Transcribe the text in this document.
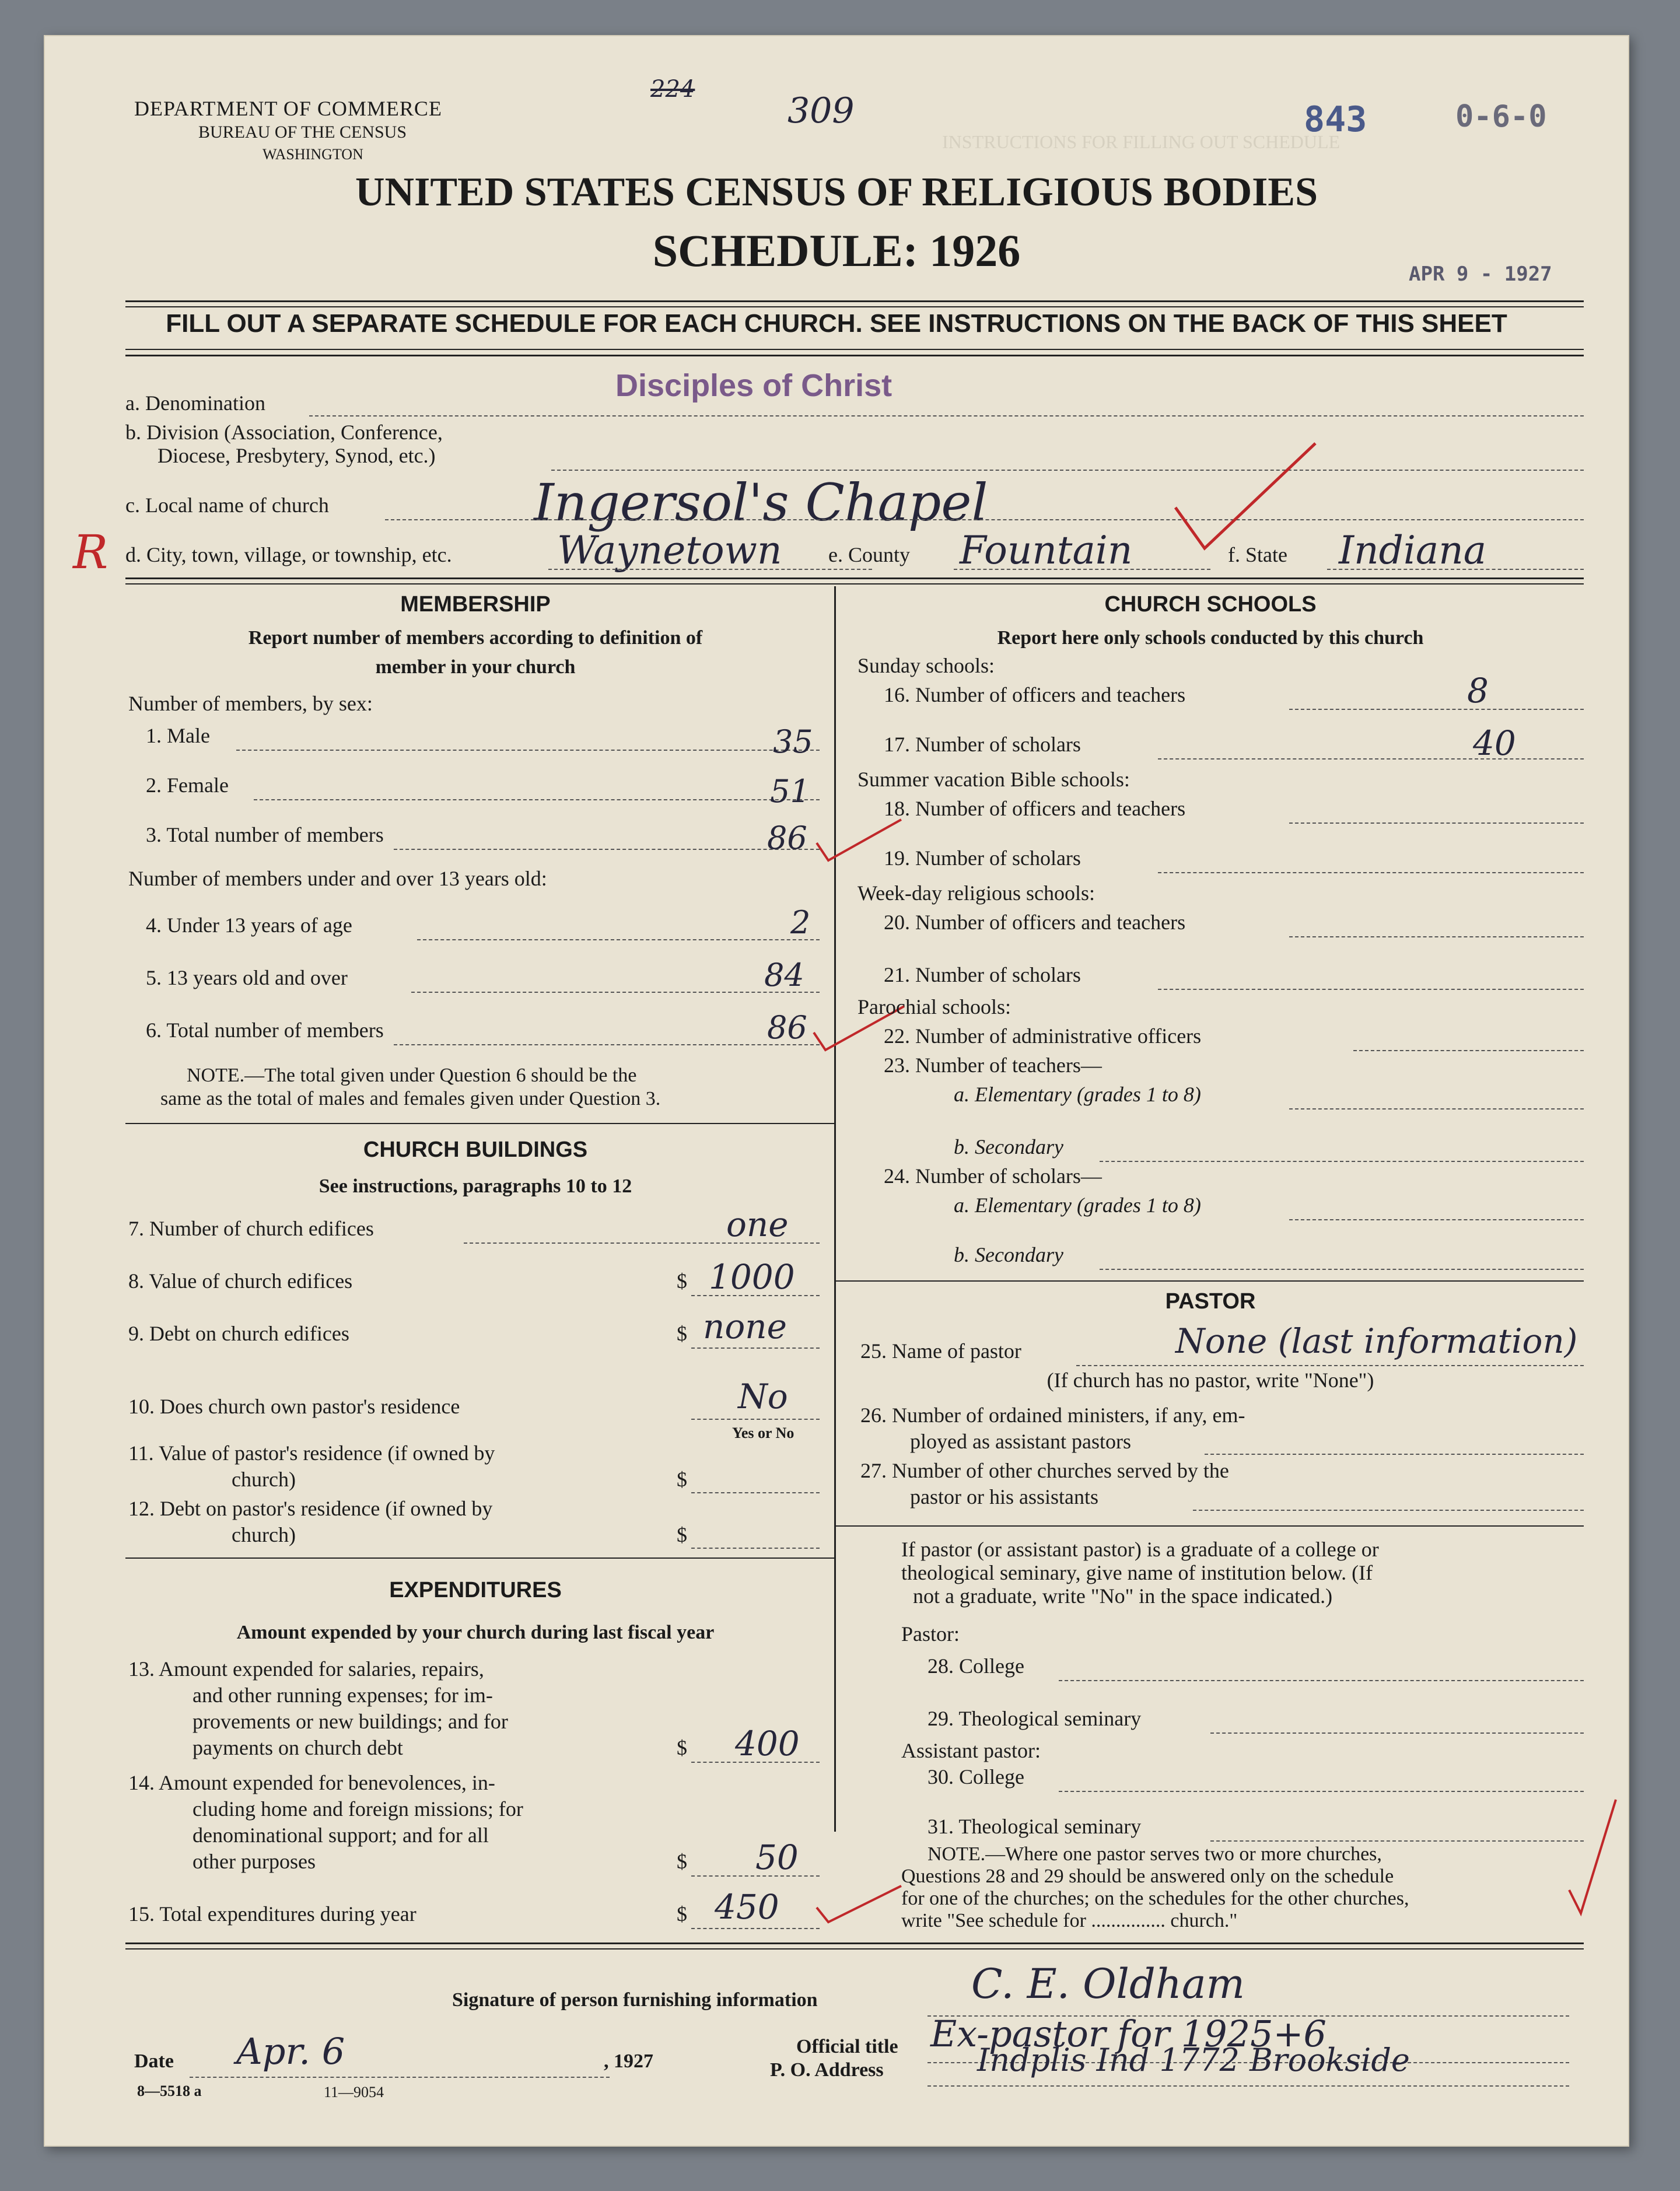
INSTRUCTIONS FOR FILLING OUT SCHEDULE
DEPARTMENT OF COMMERCE
BUREAU OF THE CENSUS
WASHINGTON
224
309	843	0-6-0
APR 9 - 1927
UNITED STATES CENSUS OF RELIGIOUS BODIES
SCHEDULE: 1926
FILL OUT A SEPARATE SCHEDULE FOR EACH CHURCH. SEE INSTRUCTIONS ON THE BACK OF THIS SHEET
a. Denomination	Disciples of Christ
b. Division (Association, Conference,
Diocese, Presbytery, Synod, etc.)
c. Local name of church	Ingersol's Chapel
R d. City, town, village, or township, etc.	Waynetown e. County Fountain	f. State Indiana
MEMBERSHIP
Report number of members according to definition of
member in your church
Number of members, by sex:
1. Male	35
2. Female	51
3. Total number of members	86
Number of members under and over 13 years old:
4. Under 13 years of age	2
5. 13 years old and over	84
6. Total number of members	86
NOTE.—The total given under Question 6 should be the
same as the total of males and females given under Question 3.
CHURCH BUILDINGS
See instructions, paragraphs 10 to 12
7. Number of church edifices	one
8. Value of church edifices	$ 1000
9. Debt on church edifices	$ none
10. Does church own pastor's residence	No
Yes or No
11. Value of pastor's residence (if owned by
church)	$
12. Debt on pastor's residence (if owned by
church)	$
EXPENDITURES
Amount expended by your church during last fiscal year
13. Amount expended for salaries, repairs,
and other running expenses; for im-
provements or new buildings; and for
payments on church debt	$ 400
14. Amount expended for benevolences, in-
cluding home and foreign missions; for
denominational support; and for all
other purposes	$ 50
15. Total expenditures during year	$ 450
CHURCH SCHOOLS
Report here only schools conducted by this church
Sunday schools:
16. Number of officers and teachers	8
17. Number of scholars	40
Summer vacation Bible schools:
18. Number of officers and teachers
19. Number of scholars
Week-day religious schools:
20. Number of officers and teachers
21. Number of scholars
Parochial schools:
22. Number of administrative officers
23. Number of teachers—
a. Elementary (grades 1 to 8)
b. Secondary
24. Number of scholars—
a. Elementary (grades 1 to 8)
b. Secondary
PASTOR
25. Name of pastor	None (last information)
(If church has no pastor, write "None")
26. Number of ordained ministers, if any, em-
ployed as assistant pastors
27. Number of other churches served by the
pastor or his assistants
If pastor (or assistant pastor) is a graduate of a college or
theological seminary, give name of institution below. (If
not a graduate, write "No" in the space indicated.)
Pastor:
28. College
29. Theological seminary
Assistant pastor:
30. College
31. Theological seminary
NOTE.—Where one pastor serves two or more churches,
Questions 28 and 29 should be answered only on the schedule
for one of the churches; on the schedules for the other churches,
write "See schedule for ............... church."
Signature of person furnishing information	C. E. Oldham
Official title Ex-pastor for 1925+6
Date Apr. 6	, 1927	P. O. Address	Indplis Ind 1772 Brookside
8—5518 a	11—9054
